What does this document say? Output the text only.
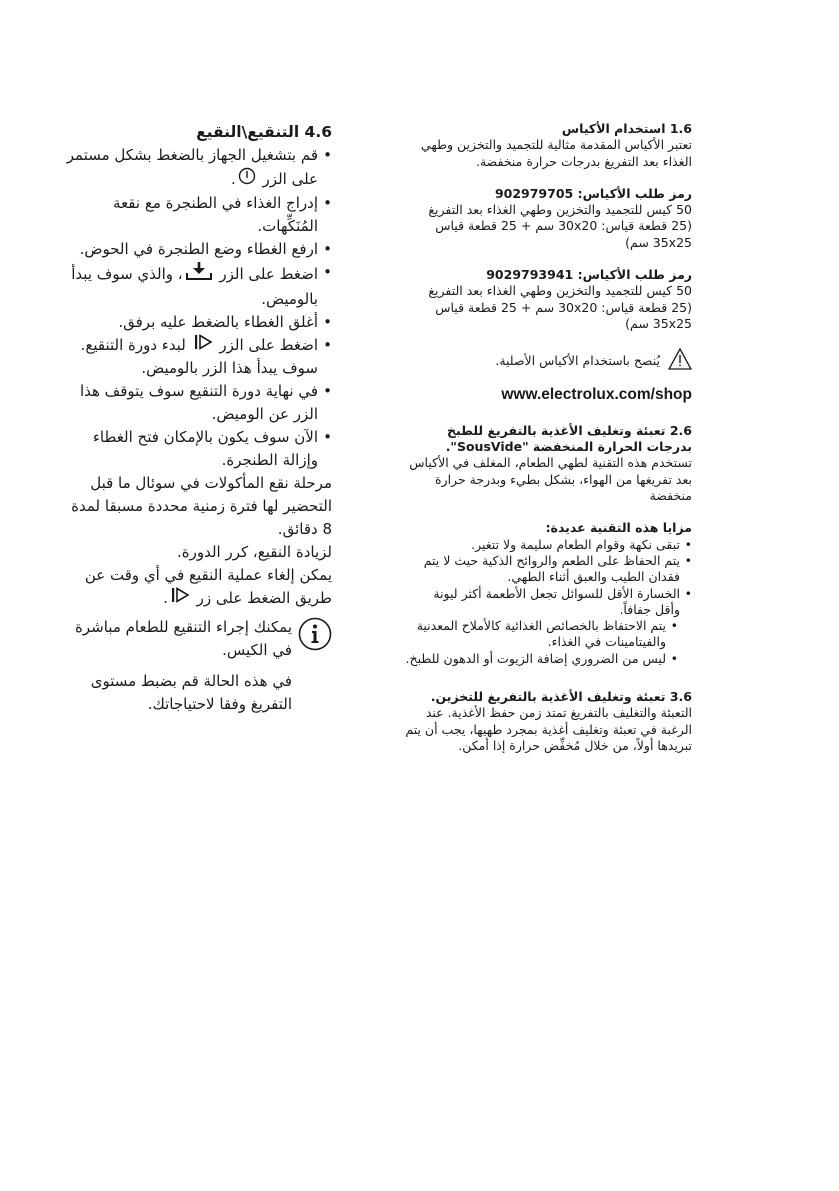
1.6 استخدام الأكياس

تعتبر الأكياس المقدمة مثالية للتجميد والتخزين وطهي الغذاء بعد التفريغ بدرجات حرارة منخفضة.

رمز طلب الأكياس: 902979705

50 كيس للتجميد والتخزين وطهي الغذاء بعد التفريغ (25 قطعة قياس: 30x20 سم + 25 قطعة قياس 35x25 سم)

رمز طلب الأكياس: 9029793941

50 كيس للتجميد والتخزين وطهي الغذاء بعد التفريغ (25 قطعة قياس: 30x20 سم + 25 قطعة قياس 35x25 سم)

يُنصح باستخدام الأكياس الأصلية.

www.electrolux.com/shop

2.6 تعبئة وتغليف الأغذية بالتفريغ للطبخ بدرجات الحرارة المنخفضة "SousVide".

تستخدم هذه التقنية لطهي الطعام، المغلف في الأكياس بعد تفريغها من الهواء، بشكل بطيء وبدرجة حرارة منخفضة

مزايا هذه التقنية عديدة:

• تبقى نكهة وقوام الطعام سليمة ولا تتغير.
• يتم الحفاظ على الطعم والروائح الذكية حيث لا يتم فقدان الطيب والعبق أثناء الطهي.
• الخسارة الأقل للسوائل تجعل الأطعمة أكثر ليونة وأقل جفافاً.
• يتم الاحتفاظ بالخصائص الغذائية كالأملاح المعدنية والفيتامينات في الغذاء.
• ليس من الضروري إضافة الزيوت أو الدهون للطبخ.

3.6 تعبئة وتغليف الأغذية بالتفريغ للتخزين.

التعبئة والتغليف بالتفريغ تمتد زمن حفظ الأغذية. عند الرغبة في تعبئة وتغليف أغذية بمجرد طهيها، يجب أن يتم تبريدها أولاً، من خلال مُخفِّض حرارة إذا أمكن.

4.6 التنقيع\النقيع

• قم بتشغيل الجهاز بالضغط بشكل مستمر على الزر .
• إدراج الغذاء في الطنجرة مع نقعة المُنَكِّهات.
• ارفع الغطاء وضع الطنجرة في الحوض.
• اضغط على الزر ، والذي سوف يبدأ بالوميض.
• أغلق الغطاء بالضغط عليه برفق.
• اضغط على الزر  لبدء دورة التنقيع. سوف يبدأ هذا الزر بالوميض.
• في نهاية دورة التنقيع سوف يتوقف هذا الزر عن الوميض.
• الآن سوف يكون بالإمكان فتح الغطاء وإزالة الطنجرة.

مرحلة نقع المأكولات في سوئال ما قبل التحضير لها فترة زمنية محددة مسبقا لمدة 8 دقائق.

لزيادة النقيع، كرر الدورة.

يمكن إلغاء عملية النقيع في أي وقت عن طريق الضغط على زر .

يمكنك إجراء التنقيع للطعام مباشرة في الكيس.

في هذه الحالة قم بضبط مستوى التفريغ وفقا لاحتياجاتك.
